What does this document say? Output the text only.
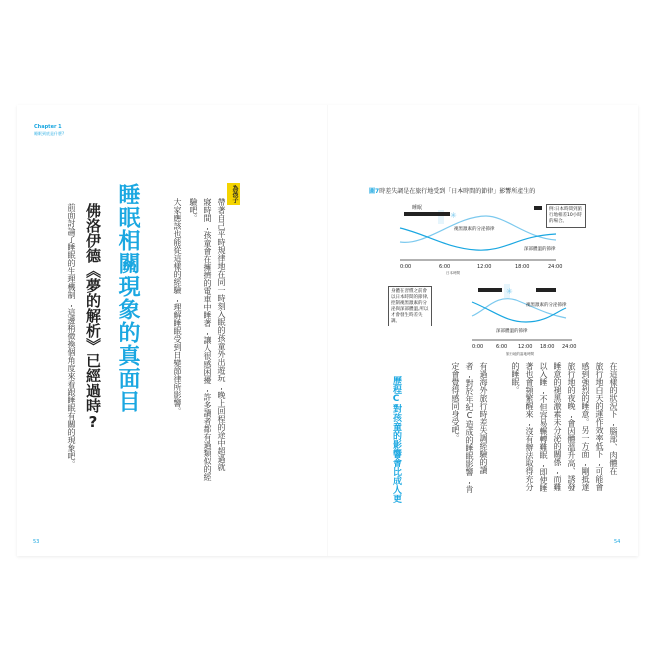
Chapter 1
睡眠到底是什麼?
睡眠相關現象的真面目
佛洛伊德《夢的解析》已經過時?
前面討論了睡眠的生理機制,這邊稍微換個角度來看跟睡眠有關的現象吧。
為孩子
帶著自己平時規律地在同一時刻入眠的孩童外出遊玩,晚上回程的途中超過就
寢時間,孩童會在擁擠的電車中睡著,讓人很感困擾,許多讀者都有過類似的經
驗吧。
大家應該也能從這樣的經驗,理解睡眠受到日變節律所影響。
53
圖7時差失調是在旅行地受到「日本時間的節律」影響所產生的
睡眠
✳
褪黑激素的分泌節律
深部體溫的節律
例:日本時間到旅行地相差10小時的場合。
0:00	6:00	12:00	18:00	24:00
日本時間
✳
褪黑激素的分泌節律
深部體溫的節律
身體在習慣之前會以日本時間的節律,控制褪黑激素的分泌與深部體溫,所以才會發生時差失調。
0:00	6:00 12:00 18:00 24:00
旅行地的當地時間
在這樣的狀況下,腦部、肉體在
旅行地白天的運作效率低下,可能會
感到強烈的睡意。另一方面,剛抵達
旅行地的夜晚,會因體溫升高、誘發
睡意的褪黑激素未分泌的關係,而難
以入睡,不但容易輾轉難眠,即使睡
著也會頻繁醒來,沒有辦法取得充分
的睡眠。
有過海外旅行時差失調經驗的讀
者,對於年紀C造成的睡眠影響,肯
定會覺得感同身受吧。
歷程C對孩童的影響會比成人更
54
